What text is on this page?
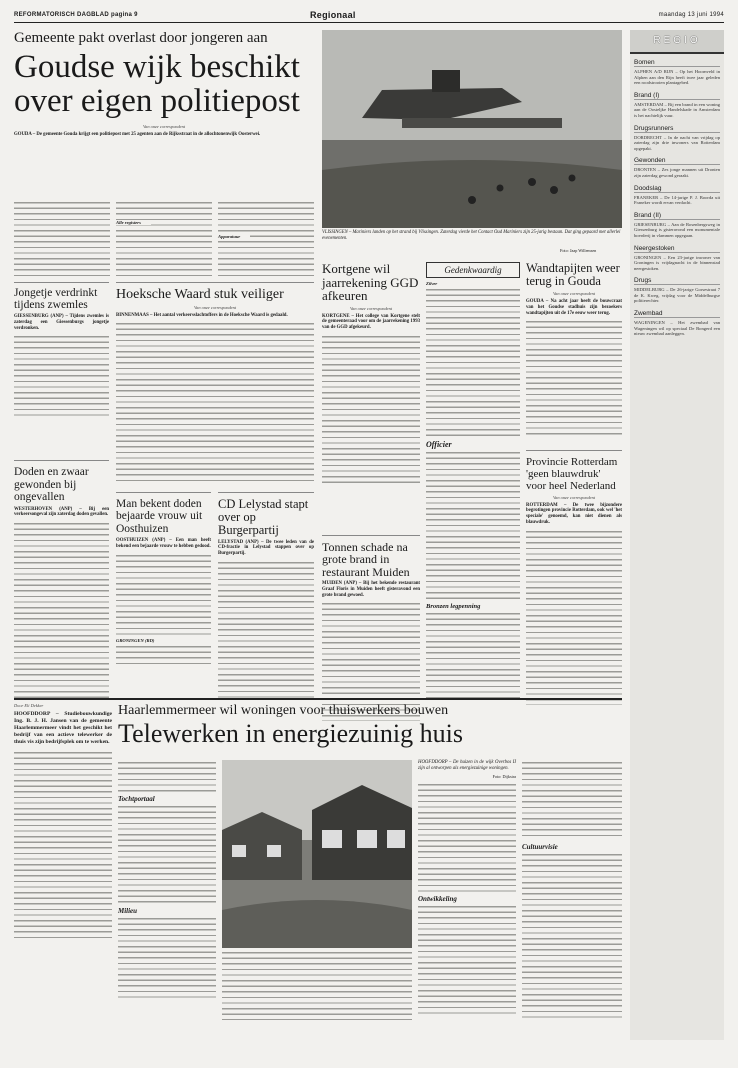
REFORMATORISCH DAGBLAD pagina 9	Regionaal	maandag 13 juni 1994
Gemeente pakt overlast door jongeren aan
Goudse wijk beschikt over eigen politiepost
Van onze correspondent
GOUDA – De gemeente Gouda krijgt een politiepost met 25 agenten aan de Rijksstraat in de allochtonenwijk Oosterwei.
Alle registers
Apparatuur
Jongetje verdrinkt tijdens zwemles
GIESSENBURG (ANP) – Tijdens zwemles is zaterdag een Giessenburgs jongetje verdronken.
Doden en zwaar gewonden bij ongevallen
WESTERHOVEN (ANP) – Bij een verkeersongeval zijn zaterdag doden gevallen.
Hoeksche Waard stuk veiliger
Van onze correspondent
BINNENMAAS – Het aantal verkeersslachtoffers in de Hoeksche Waard is gedaald.
Man bekent doden bejaarde vrouw uit Oosthuizen
OOSTHUIZEN (ANP) – Een man heeft bekend een bejaarde vrouw te hebben gedood.
GRONINGEN (RD)
CD Lelystad stapt over op Burgerpartij
LELYSTAD (ANP) – De twee leden van de CD-fractie in Lelystad stappen over op Burgerpartij.
VLISSINGEN – Mariniers landen op het strand bij Vlissingen. Zaterdag vierde het Contact Oud Mariniers zijn 25-jarig bestaan. Dat ging gepaard met allerlei evenementen.
Foto: Jaap Willemsen
Kortgene wil jaarrekening GGD afkeuren
Van onze correspondent
KORTGENE – Het college van Kortgene stelt de gemeenteraad voor om de jaarrekening 1993 van de GGD afgekeurd.
Tonnen schade na grote brand in restaurant Muiden
MUIDEN (ANP) – Bij het bekende restaurant Graaf Floris in Muiden heeft gisteravond een grote brand gewoed.
Gedenkwaardig
Zilver
Officier
Bronzen legpenning
Wandtapijten weer terug in Gouda
Van onze correspondent
GOUDA – Na acht jaar heeft de bouwcraat van het Goudse stadhuis zijn bezoekers wandtapijten uit de 17e eeuw weer terug.
Provincie Rotterdam 'geen blauwdruk' voor heel Nederland
Van onze correspondent
ROTTERDAM – De twee bijzondere begrotingen provincie Rotterdam, ook wel 'het speciale' genoemd, kan niet dienen als blauwdruk.
REGIO
Bomen
ALPHEN A/D RIJN – Op het Hoornveld in Alphen aan den Rijn heeft twee jaar geleden een roodstrooien plantagebed.
Brand (I)
AMSTERDAM – Bij een brand in een woning aan de Oosteljke Handelskade in Amsterdam is het nachtelijk vuur.
Drugsrunners
DORDRECHT – In de nacht van vrijdag op zaterdag zijn drie inwoners van Rotterdam opgepakt.
Gewonden
DRONTEN – Zes jonge mannen uit Dronten zijn zaterdag gewond geraakt.
Doodslag
FRANEKER – De 14-jarige P. J. Boorda uit Franeker wordt ervan verdacht.
Brand (II)
GRIESENBURG – Aan de Rosenbergsweg in Giessenburg is gisteravond een monumentale boerderij in vlammen opgegaan.
Neergestoken
GRONINGEN – Een 23-jarige inwoner van Groningen is vrijdagnacht in de binnenstad neergestoken.
Drugs
MIDDELBURG – De 26-jarige Gorsestraat 7 de K. Kweg, vrijdag voor de Middelburgse politierechter.
Zwembad
WAGENINGEN – Het zwembad van Wageningen wil op speciaal De Bongerd een nieuw zwembad aanleggen.
Haarlemmermeer wil woningen voor thuiswerkers bouwen
Telewerken in energiezuinig huis
Door Eli Dekker
HOOFDDORP – Studiebouwkundige Ing. B. J. H. Jansen van de gemeente Haarlemmermeer vindt het geschikt het bedrijf van een actieve telewerker de thuis vis zijn bedrijfsplek om te werken.
Tochtportaal
Milieu
HOOFDDORP – De huizen in de wijk Overbos II zijn al ontworpen als energiezuinige woningen.
Foto: Dijkstra
Ontwikkeling
Cultuurvisie
